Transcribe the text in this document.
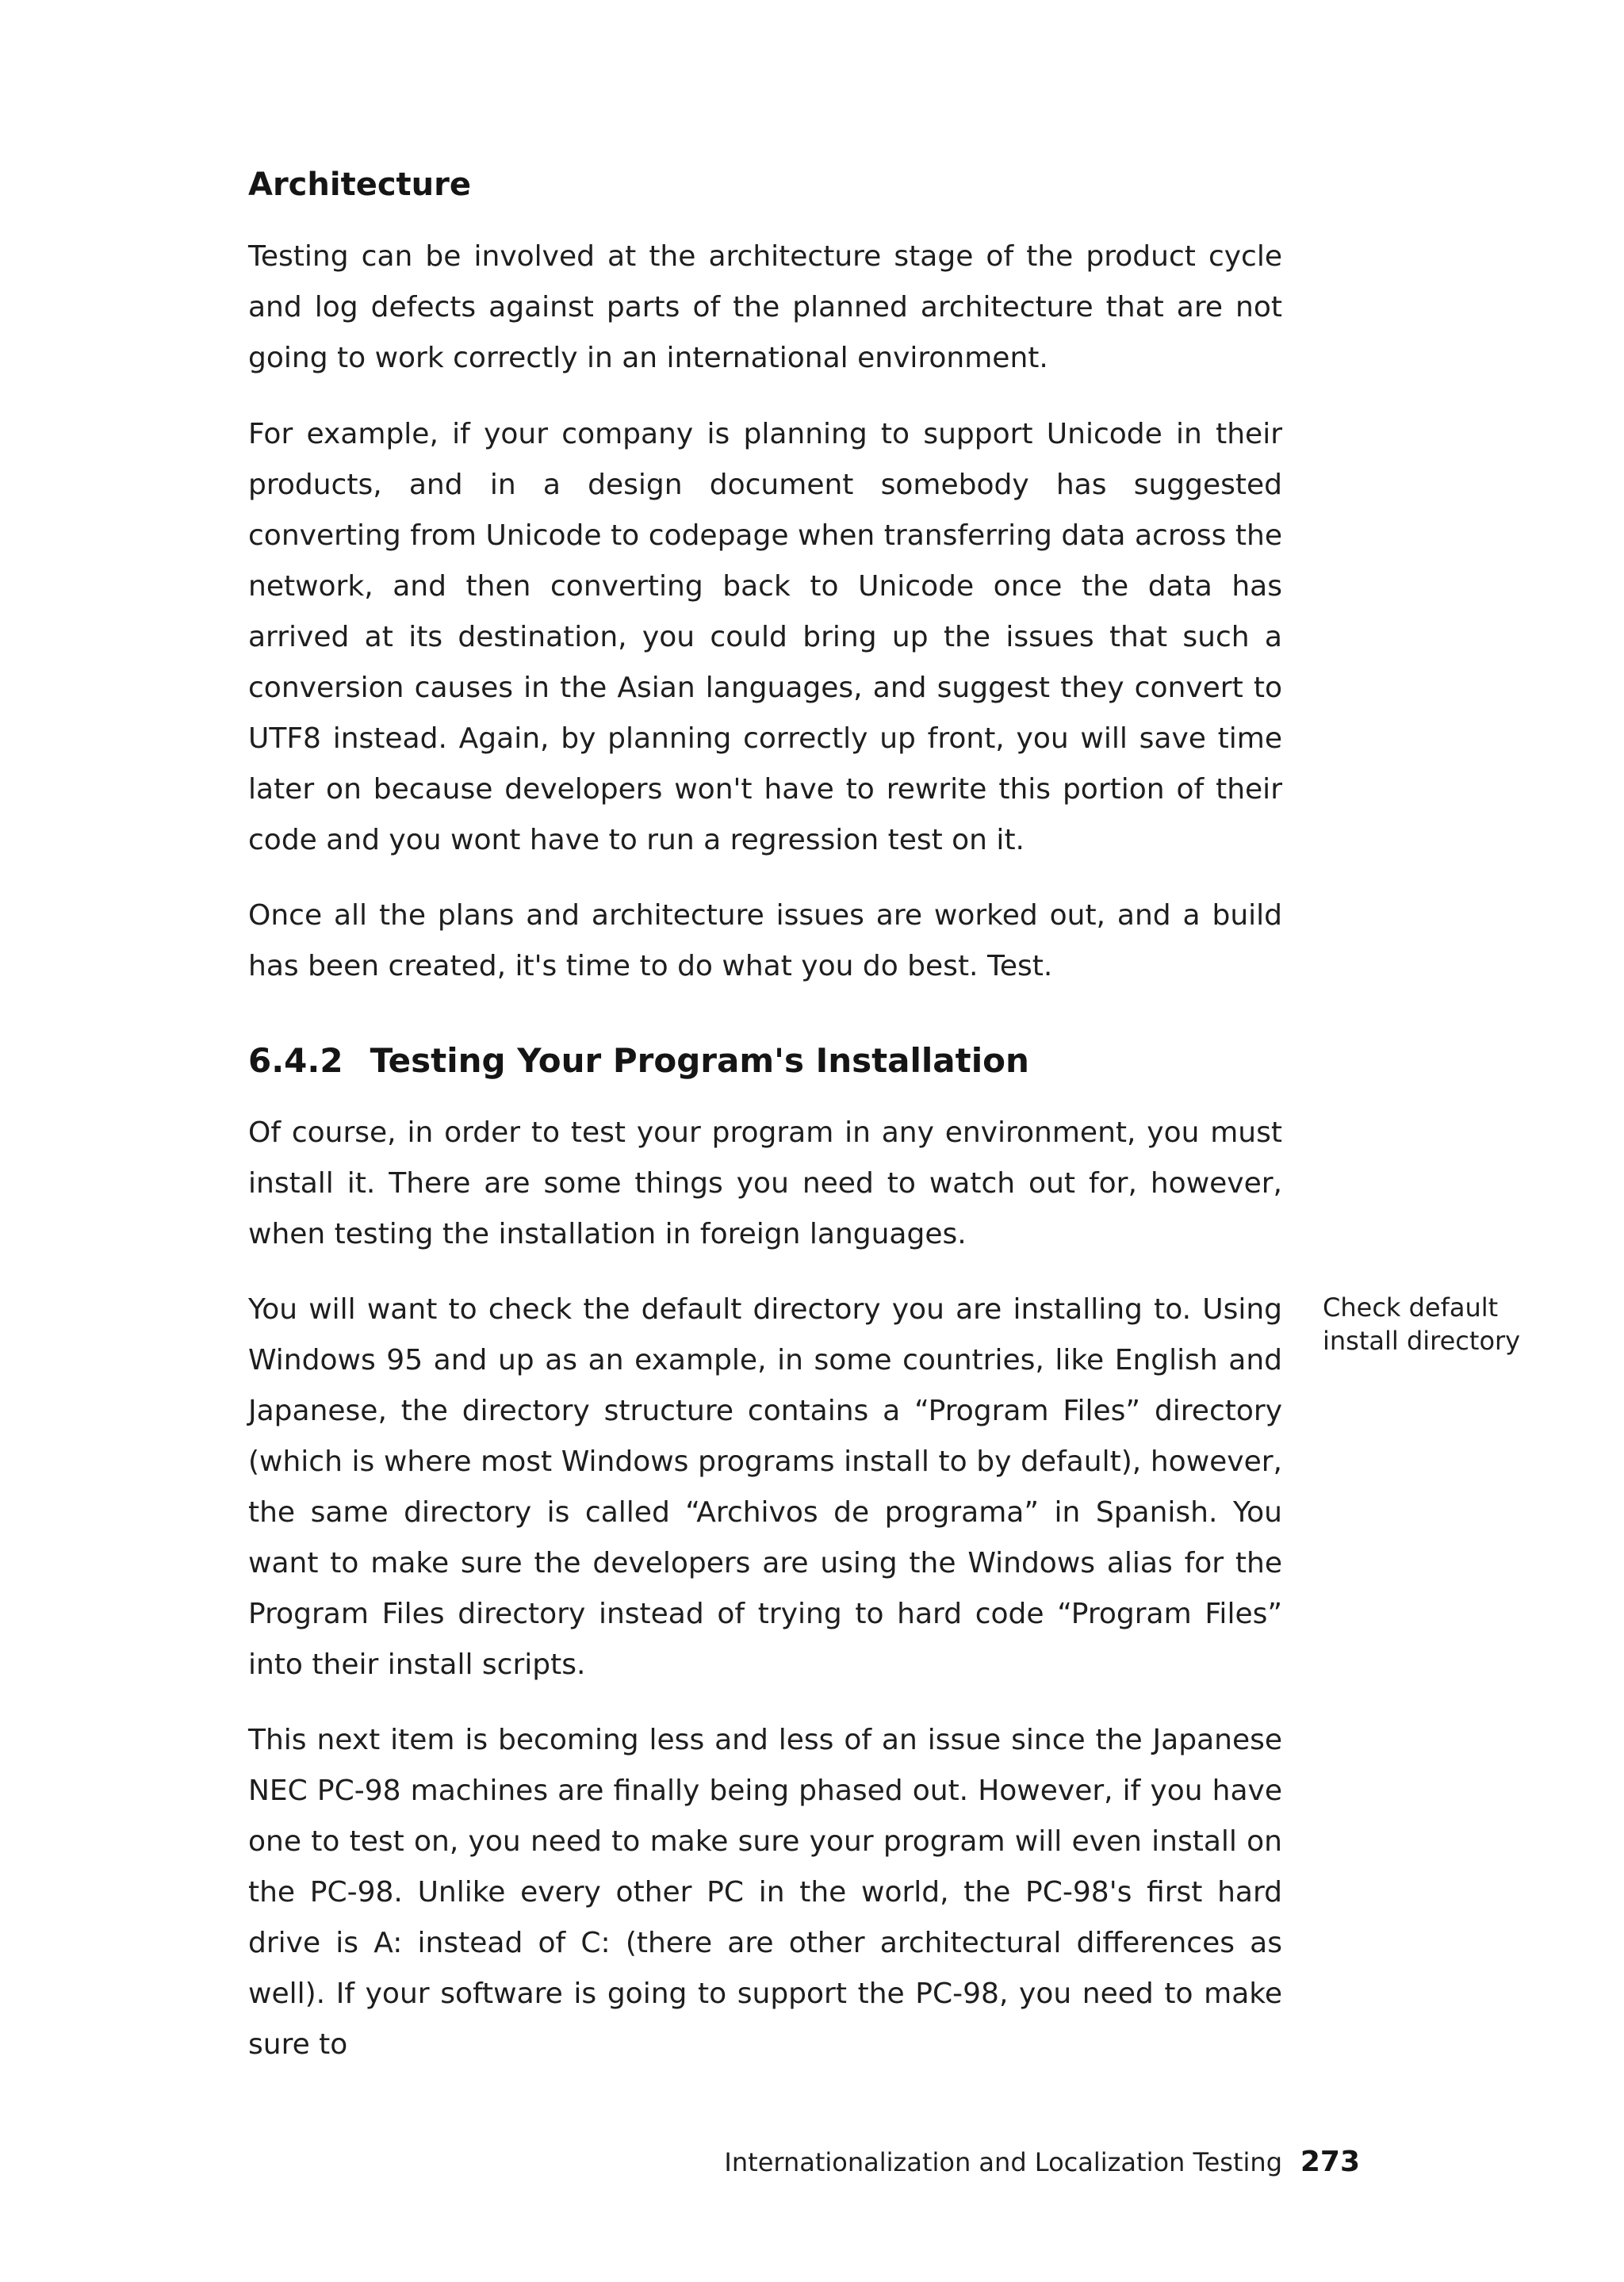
Architecture

Testing can be involved at the architecture stage of the product cycle and log defects against parts of the planned architecture that are not going to work correctly in an international environment.

For example, if your company is planning to support Unicode in their products, and in a design document somebody has suggested converting from Unicode to codepage when transferring data across the network, and then converting back to Unicode once the data has arrived at its destination, you could bring up the issues that such a conversion causes in the Asian languages, and suggest they convert to UTF8 instead. Again, by planning correctly up front, you will save time later on because developers won't have to rewrite this portion of their code and you wont have to run a regression test on it.

Once all the plans and architecture issues are worked out, and a build has been created, it's time to do what you do best. Test.

6.4.2 Testing Your Program's Installation

Of course, in order to test your program in any environment, you must install it. There are some things you need to watch out for, however, when testing the installation in foreign languages.

You will want to check the default directory you are installing to. Using Windows 95 and up as an example, in some countries, like English and Japanese, the directory structure contains a “Program Files” directory (which is where most Windows programs install to by default), however, the same directory is called “Archivos de programa” in Spanish. You want to make sure the developers are using the Windows alias for the Program Files directory instead of trying to hard code “Program Files” into their install scripts.

Check default
install directory

This next item is becoming less and less of an issue since the Japanese NEC PC-98 machines are finally being phased out. However, if you have one to test on, you need to make sure your program will even install on the PC-98. Unlike every other PC in the world, the PC-98's first hard drive is A: instead of C: (there are other architectural differences as well). If your software is going to support the PC-98, you need to make sure to

Internationalization and Localization Testing 273
